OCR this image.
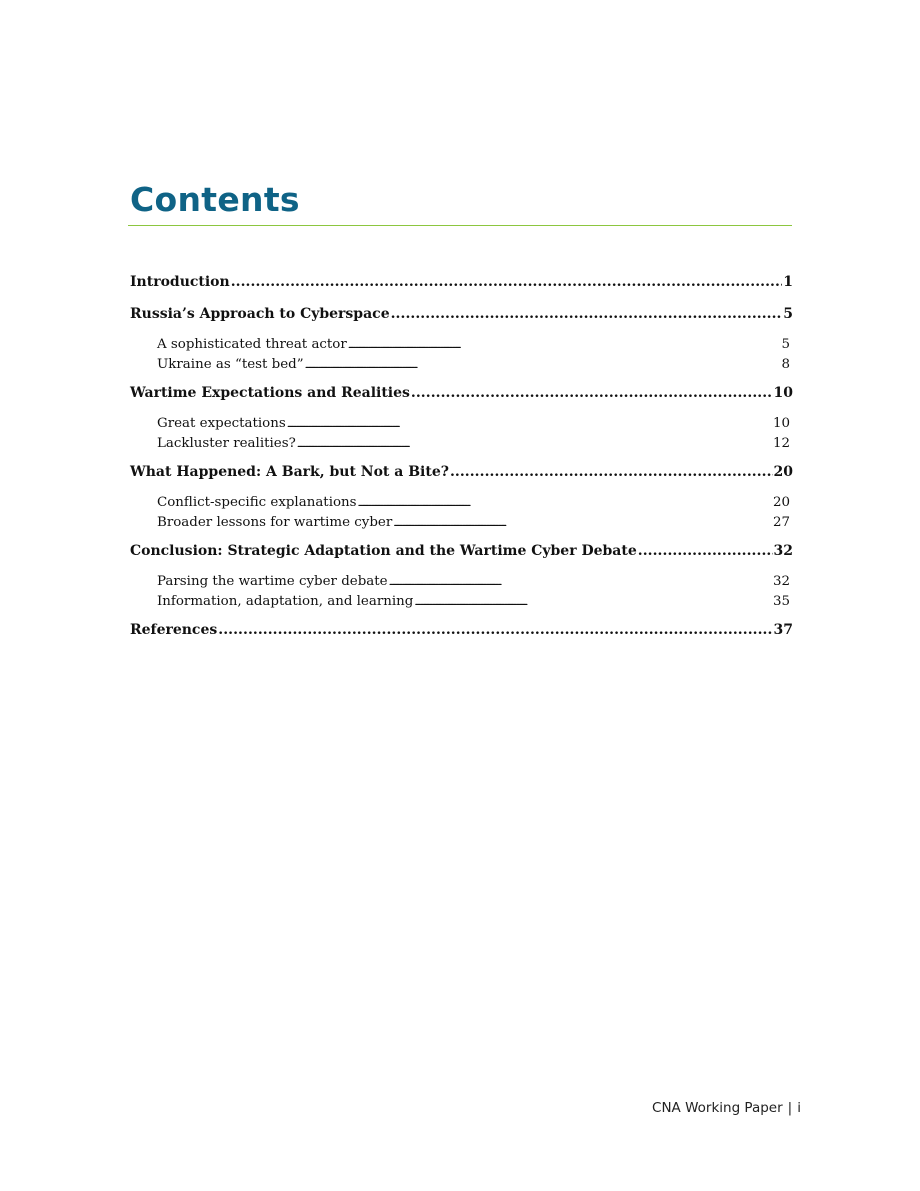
Contents
Introduction . . .	1
Russia’s Approach to Cyberspace . . .	5
A sophisticated threat actor . . .	5
Ukraine as “test bed” . . .	8
Wartime Expectations and Realities . . .	10
Great expectations . . .	10
Lackluster realities? . . .	12
What Happened: A Bark, but Not a Bite? . . .	20
Conflict-specific explanations . . .	20
Broader lessons for wartime cyber . . .	27
Conclusion: Strategic Adaptation and the Wartime Cyber Debate . . .	32
Parsing the wartime cyber debate . . .	32
Information, adaptation, and learning . . .	35
References . . .	37
CNA Working Paper | i
